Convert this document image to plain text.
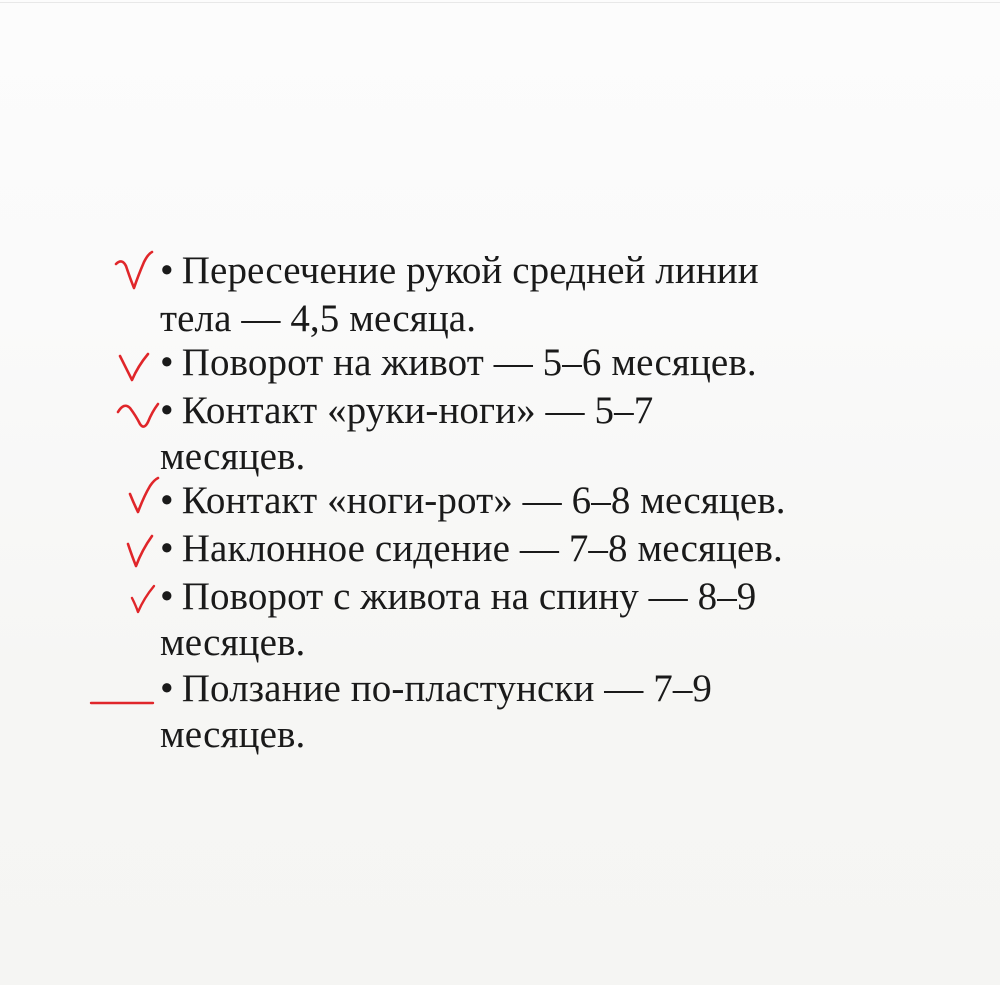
• Пересечение рукой средней линии
тела — 4,5 месяца.
• Поворот на живот — 5–6 месяцев.
• Контакт «руки-ноги» — 5–7
месяцев.
• Контакт «ноги-рот» — 6–8 месяцев.
• Наклонное сидение — 7–8 месяцев.
• Поворот с живота на спину — 8–9
месяцев.
• Ползание по-пластунски — 7–9
месяцев.
